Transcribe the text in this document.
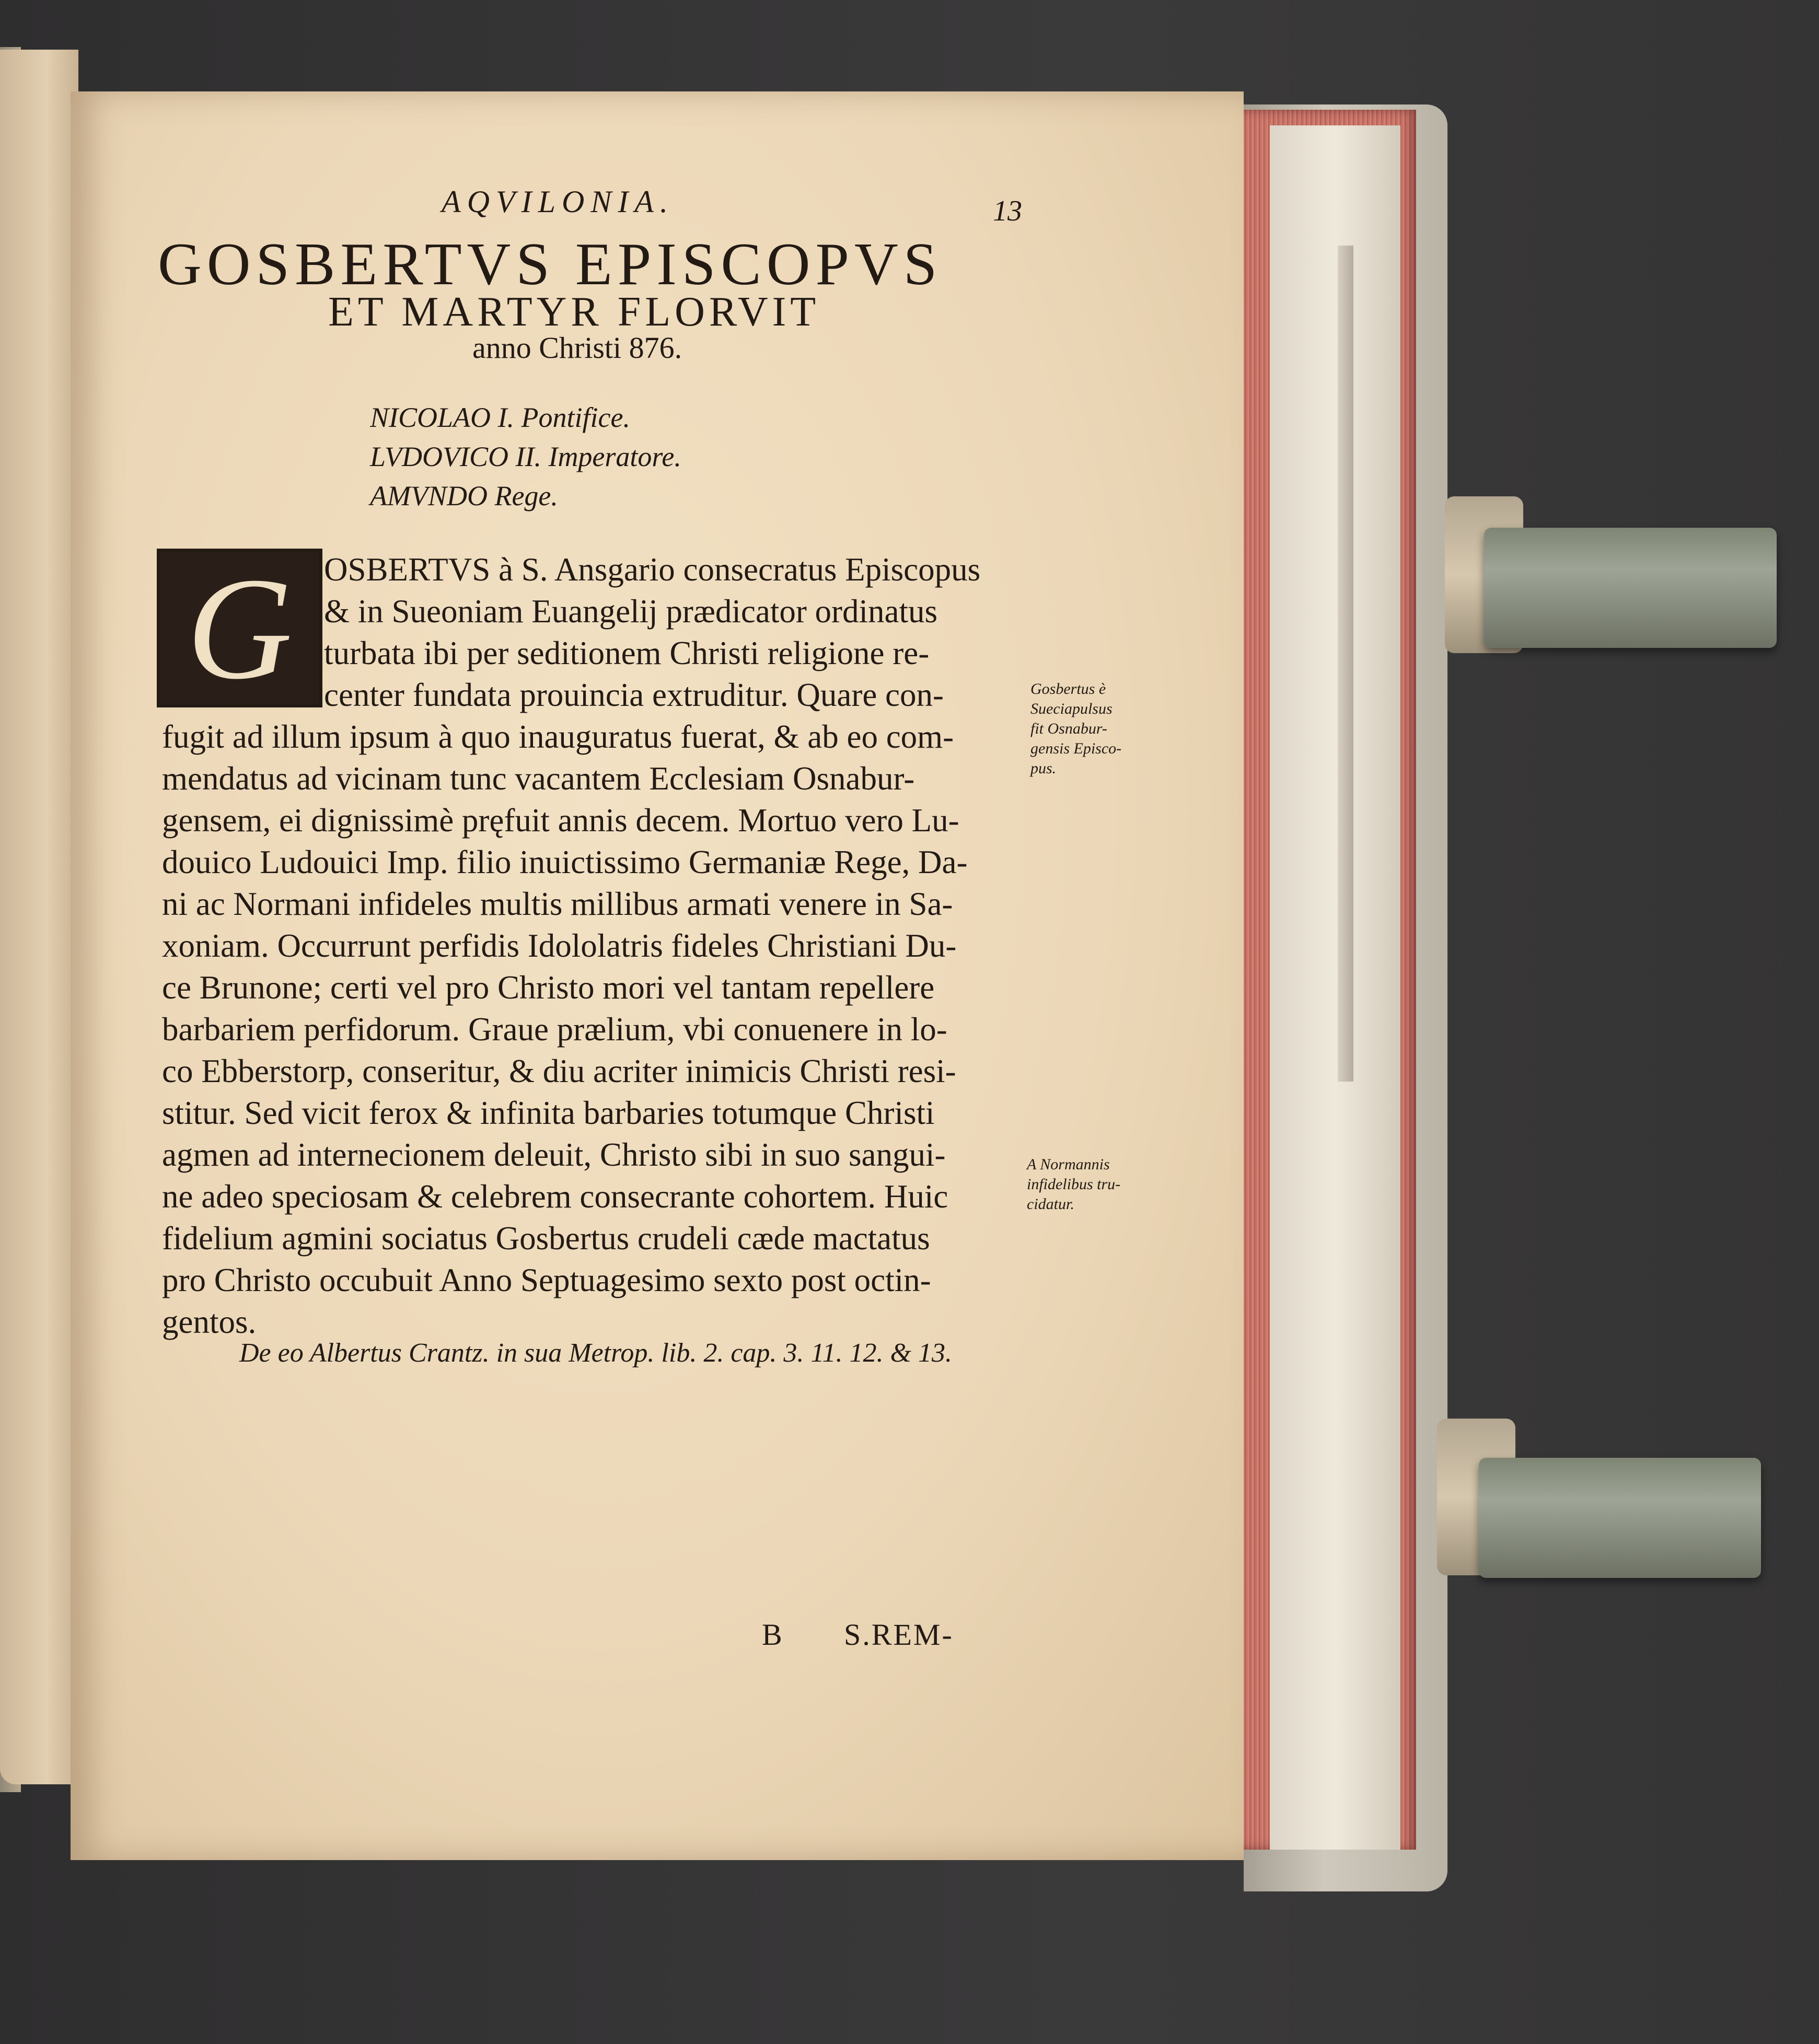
AQVILONIA.	13
GOSBERTVS EPISCOPVS
ET MARTYR FLORVIT
anno Christi 876.
NICOLAO I. Pontifice.
LVDOVICO II. Imperatore.
AMVNDO Rege.
G OSBERTVS à S. Ansgario consecratus Episcopus
& in Sueoniam Euangelij prædicator ordinatus
turbata ibi per seditionem Christi religione re-
center fundata prouincia extruditur. Quare con-
fugit ad illum ipsum à quo inauguratus fuerat, & ab eo com-
mendatus ad vicinam tunc vacantem Ecclesiam Osnabur-
gensem, ei dignissimè pręfuit annis decem. Mortuo vero Lu-
douico Ludouici Imp. filio inuictissimo Germaniæ Rege, Da-
ni ac Normani infideles multis millibus armati venere in Sa-
xoniam. Occurrunt perfidis Idololatris fideles Christiani Du-
ce Brunone; certi vel pro Christo mori vel tantam repellere
barbariem perfidorum. Graue prælium, vbi conuenere in lo-
co Ebberstorp, conseritur, & diu acriter inimicis Christi resi-
stitur. Sed vicit ferox & infinita barbaries totumque Christi
agmen ad internecionem deleuit, Christo sibi in suo sangui-
ne adeo speciosam & celebrem consecrante cohortem. Huic
fidelium agmini sociatus Gosbertus crudeli cæde mactatus
pro Christo occubuit Anno Septuagesimo sexto post octin-
gentos.
Gosbertus è
Sueciapulsus
fit Osnabur-
gensis Episco-
pus.
A Normannis
infidelibus tru-
cidatur.
De eo Albertus Crantz. in sua Metrop. lib. 2. cap. 3. 11. 12. & 13.
B S.REM-
